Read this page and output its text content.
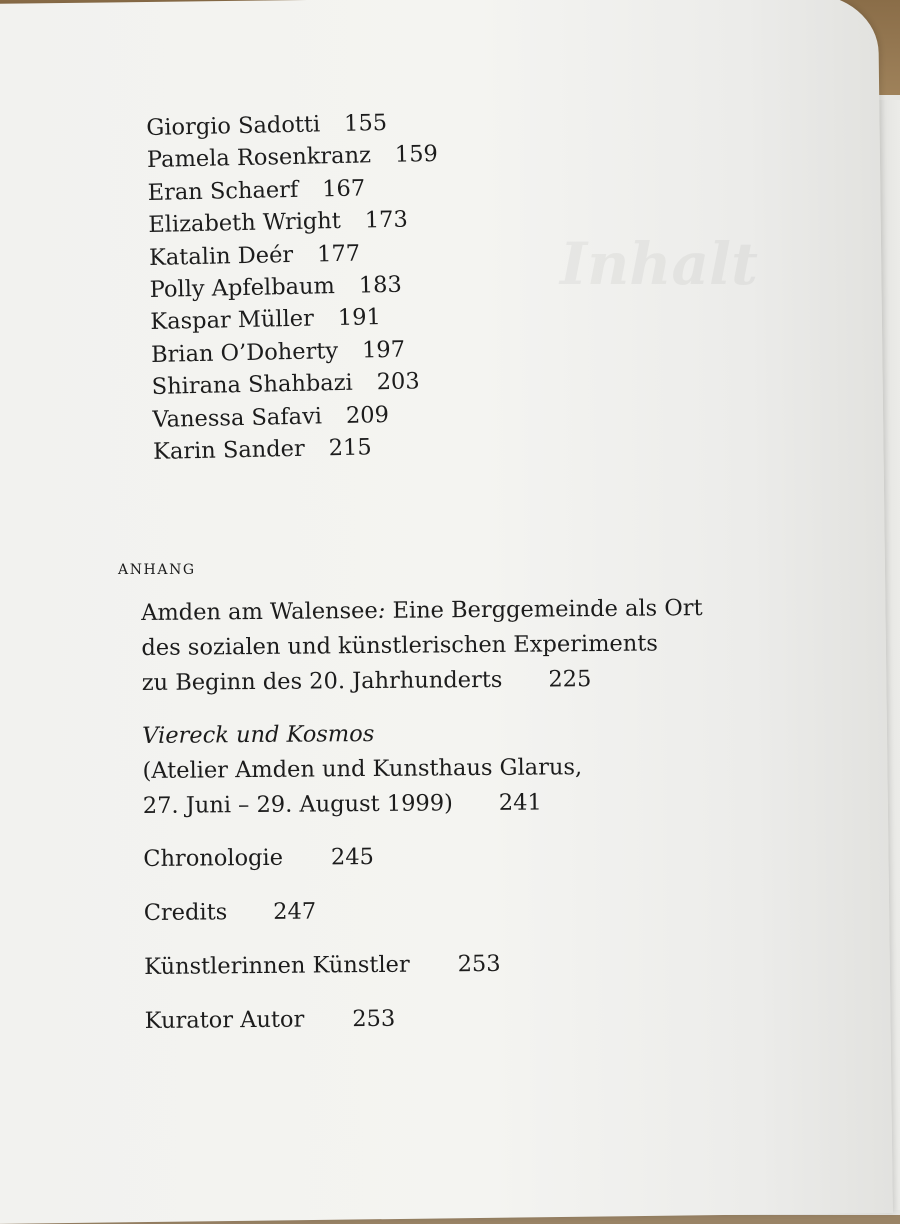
Inhalt
Giorgio Sadotti 155
Pamela Rosenkranz 159
Eran Schaerf 167
Elizabeth Wright 173
Katalin Deér 177
Polly Apfelbaum 183
Kaspar Müller 191
Brian O’Doherty 197
Shirana Shahbazi 203
Vanessa Safavi 209
Karin Sander 215
ANHANG
Amden am Walensee: Eine Berggemeinde als Ort
des sozialen und künstlerischen Experiments
zu Beginn des 20. Jahrhunderts 225
Viereck und Kosmos
(Atelier Amden und Kunsthaus Glarus,
27. Juni – 29. August 1999) 241
Chronologie 245
Credits 247
Künstlerinnen Künstler 253
Kurator Autor 253
